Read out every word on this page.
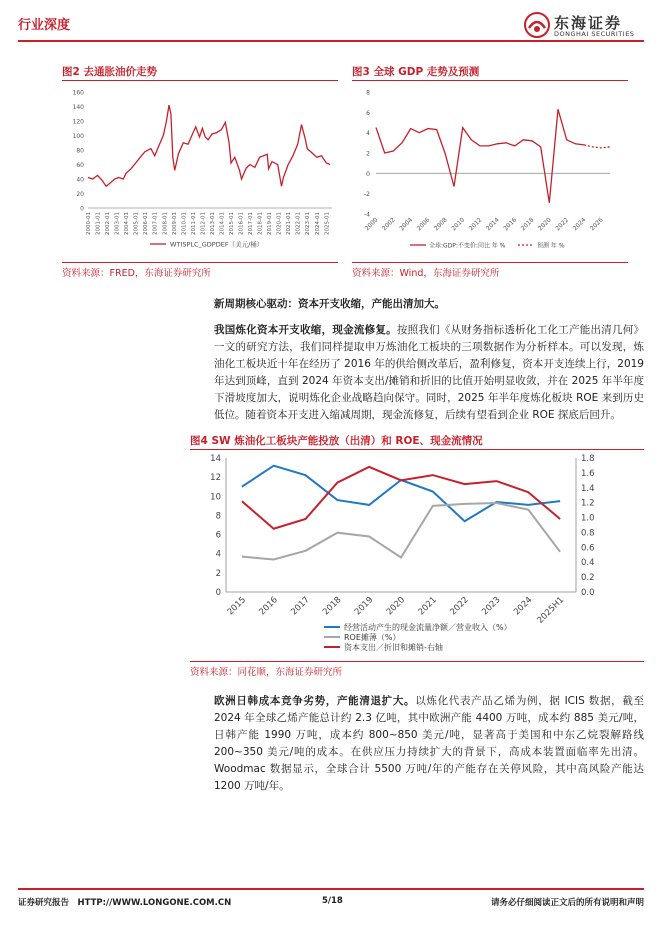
行业深度	东海证券
DONGHAI SECURITIES
图2 去通胀油价走势
0
20
40
60
80
100
120
140
160
2000-01 2001-01 2002-01 2003-01 2004-01 2005-01 2006-01 2007-01 2008-01 2009-01 2010-01 2011-01 2012-01 2013-01 2014-01 2015-01 2016-01 2017-01 2018-01 2019-01 2020-01 2021-01 2022-01 2023-01 2024-01 2025-01
WTISPLC_GDPDEF（美元/桶）
资料来源：FRED，东海证券研究所
图3 全球 GDP 走势及预测
-4
-2
0
2
4
6
8
2000 2002 2004 2006 2008 2010 2012 2014 2016 2018 2020 2022 2024 2026
全球:GDP:不变价:同比 年 %	预测 年 %
资料来源：Wind，东海证券研究所
新周期核心驱动：资本开支收缩，产能出清加大。
我国炼化资本开支收缩，现金流修复。按照我们《从财务指标透析化工化工产能出清几何》一文的研究方法，我们同样提取申万炼油化工板块的三项数据作为分析样本。可以发现，炼油化工板块近十年在经历了 2016 年的供给侧改革后，盈利修复，资本开支连续上行，2019 年达到顶峰，直到 2024 年资本支出/摊销和折旧的比值开始明显收敛，并在 2025 年半年度下滑坡度加大，说明炼化企业战略趋向保守。同时，2025 年半年度炼化板块 ROE 来到历史低位。随着资本开支进入缩减周期，现金流修复，后续有望看到企业 ROE 探底后回升。
图4 SW 炼油化工板块产能投放（出清）和 ROE、现金流情况
0
2
4
6
8
10
12
14
0.0
0.2
0.4
0.6
0.8
1.0
1.2
1.4
1.6
1.8
2015 2016 2017 2018 2019 2020 2021 2022 2023 2024 2025H1
经营活动产生的现金流量净额／营业收入（%）
ROE摊薄（%）
资本支出／折旧和摊销-右轴
资料来源：同花顺，东海证券研究所
欧洲日韩成本竞争劣势，产能清退扩大。以炼化代表产品乙烯为例，据 ICIS 数据，截至 2024 年全球乙烯产能总计约 2.3 亿吨，其中欧洲产能 4400 万吨，成本约 885 美元/吨，日韩产能 1990 万吨，成本约 800~850 美元/吨，显著高于美国和中东乙烷裂解路线 200~350 美元/吨的成本。在供应压力持续扩大的背景下，高成本装置面临率先出清。Woodmac 数据显示，全球合计 5500 万吨/年的产能存在关停风险，其中高风险产能达 1200 万吨/年。
证券研究报告　HTTP://WWW.LONGONE.COM.CN	5/18	请务必仔细阅读正文后的所有说明和声明
